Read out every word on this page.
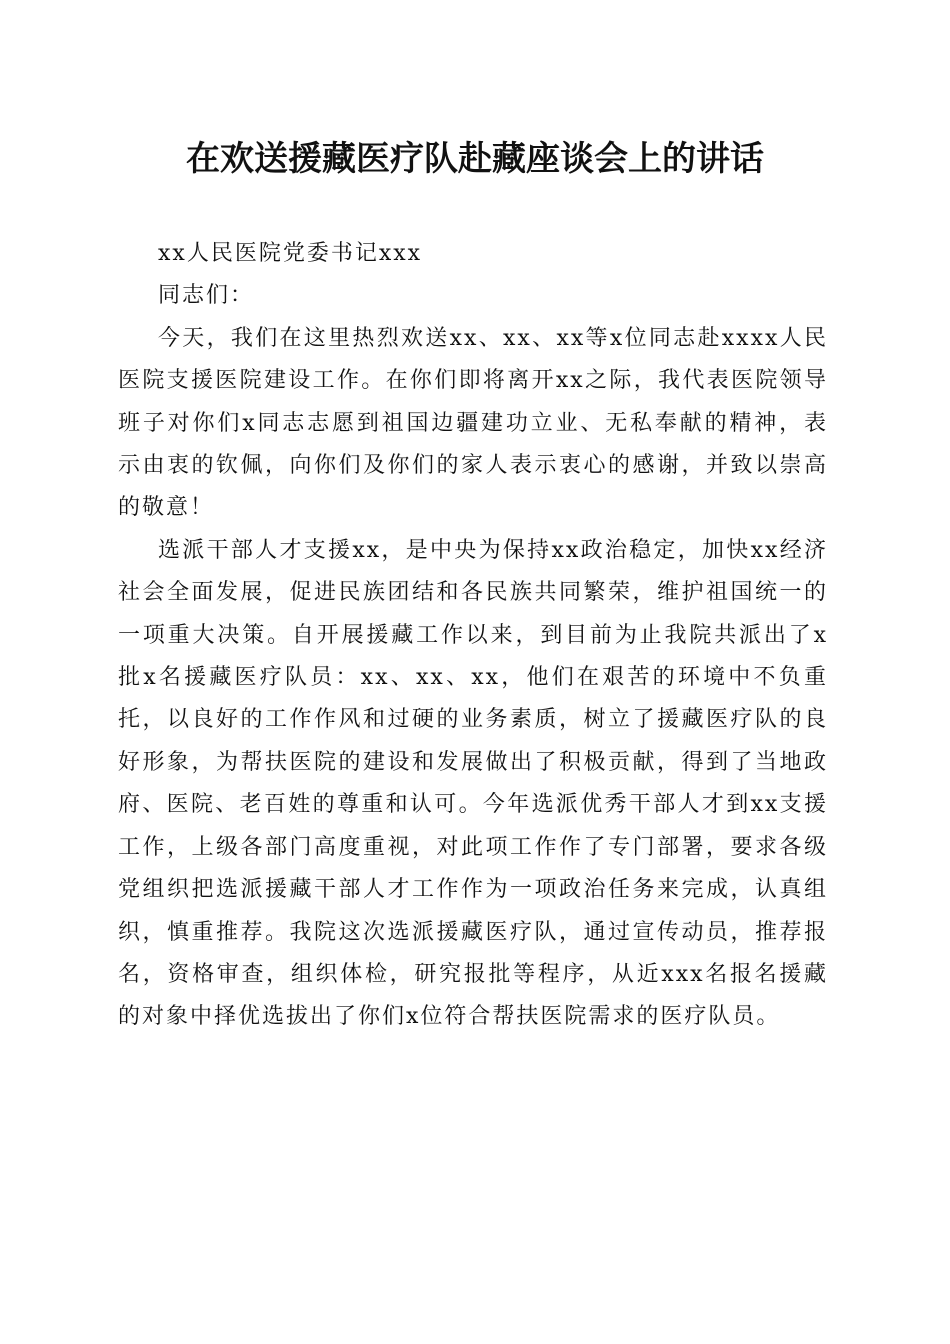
在欢送援藏医疗队赴藏座谈会上的讲话

xx人民医院党委书记xxx

同志们：

今天，我们在这里热烈欢送xx、xx、xx等x位同志赴xxxx人民医院支援医院建设工作。在你们即将离开xx之际，我代表医院领导班子对你们x同志志愿到祖国边疆建功立业、无私奉献的精神，表示由衷的钦佩，向你们及你们的家人表示衷心的感谢，并致以崇高的敬意！

选派干部人才支援xx，是中央为保持xx政治稳定，加快xx经济社会全面发展，促进民族团结和各民族共同繁荣，维护祖国统一的一项重大决策。自开展援藏工作以来，到目前为止我院共派出了x批x名援藏医疗队员：xx、xx、xx，他们在艰苦的环境中不负重托，以良好的工作作风和过硬的业务素质，树立了援藏医疗队的良好形象，为帮扶医院的建设和发展做出了积极贡献，得到了当地政府、医院、老百姓的尊重和认可。今年选派优秀干部人才到xx支援工作，上级各部门高度重视，对此项工作作了专门部署，要求各级党组织把选派援藏干部人才工作作为一项政治任务来完成，认真组织，慎重推荐。我院这次选派援藏医疗队，通过宣传动员，推荐报名，资格审查，组织体检，研究报批等程序，从近xxx名报名援藏的对象中择优选拔出了你们x位符合帮扶医院需求的医疗队员。
